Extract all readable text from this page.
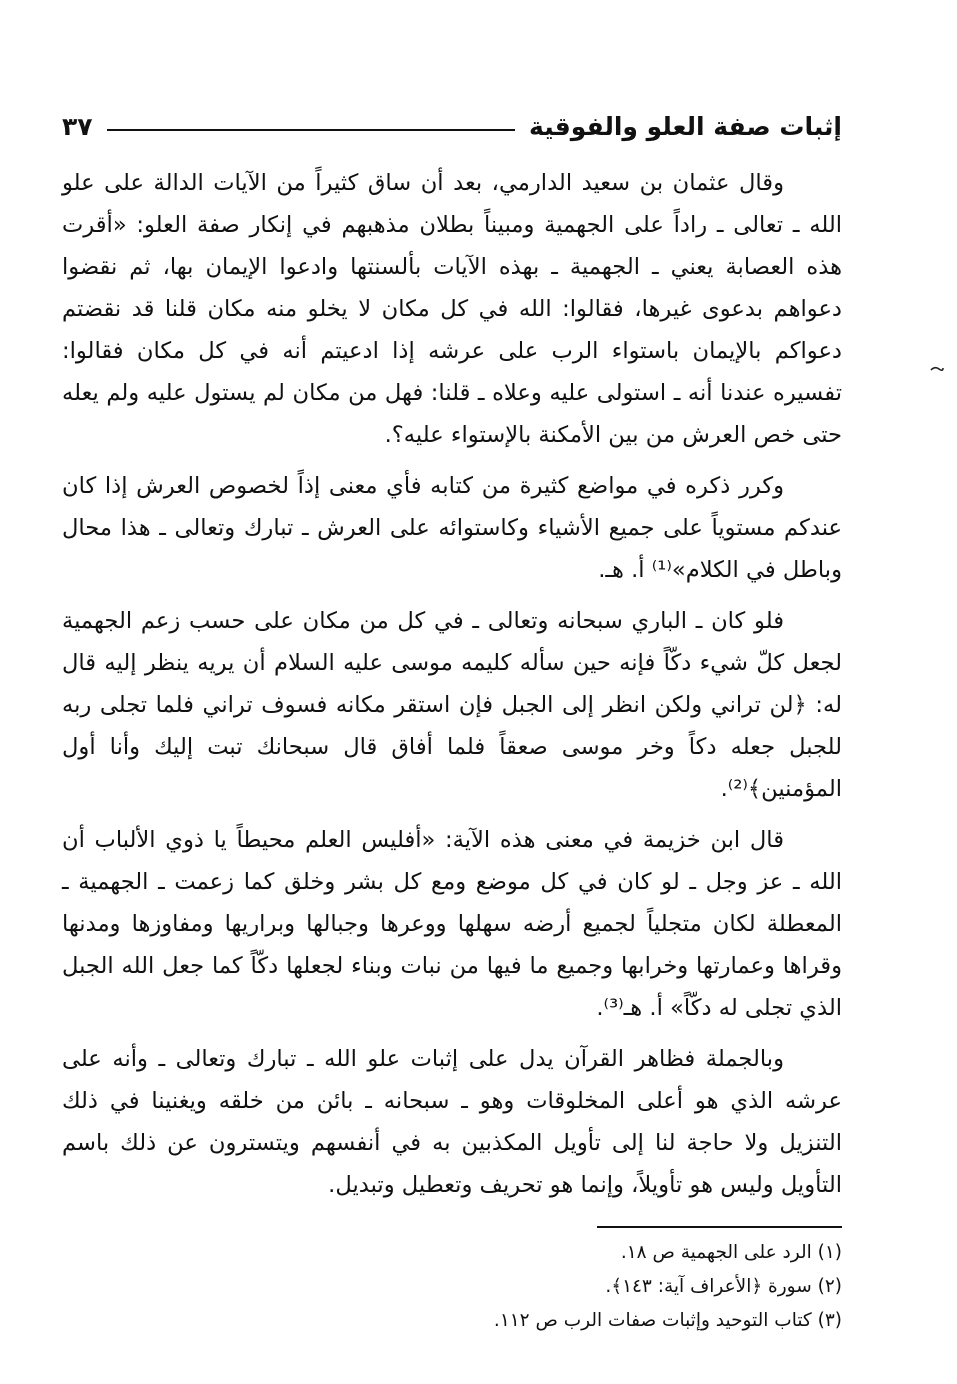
إثبات صفة العلو والفوقية
٣٧

وقال عثمان بن سعيد الدارمي، بعد أن ساق كثيراً من الآيات الدالة على علو الله ـ تعالى ـ راداً على الجهمية ومبيناً بطلان مذهبهم في إنكار صفة العلو: «أقرت هذه العصابة يعني ـ الجهمية ـ بهذه الآيات بألسنتها وادعوا الإيمان بها، ثم نقضوا دعواهم بدعوى غيرها، فقالوا: الله في كل مكان لا يخلو منه مكان قلنا قد نقضتم دعواكم بالإيمان باستواء الرب على عرشه إذا ادعيتم أنه في كل مكان فقالوا: تفسيره عندنا أنه ـ استولى عليه وعلاه ـ قلنا: فهل من مكان لم يستول عليه ولم يعله حتى خص العرش من بين الأمكنة بالإستواء عليه؟.

وكرر ذكره في مواضع كثيرة من كتابه فأي معنى إذاً لخصوص العرش إذا كان عندكم مستوياً على جميع الأشياء وكاستوائه على العرش ـ تبارك وتعالى ـ هذا محال وباطل في الكلام»⁽¹⁾ أ. هـ.

فلو كان ـ الباري سبحانه وتعالى ـ في كل من مكان على حسب زعم الجهمية لجعل كلّ شيء دكّاً فإنه حين سأله كليمه موسى عليه السلام أن يريه ينظر إليه قال له: ﴿لن تراني ولكن انظر إلى الجبل فإن استقر مكانه فسوف تراني فلما تجلى ربه للجبل جعله دكاً وخر موسى صعقاً فلما أفاق قال سبحانك تبت إليك وأنا أول المؤمنين﴾⁽²⁾.

قال ابن خزيمة في معنى هذه الآية: «أفليس العلم محيطاً يا ذوي الألباب أن الله ـ عز وجل ـ لو كان في كل موضع ومع كل بشر وخلق كما زعمت ـ الجهمية ـ المعطلة لكان متجلياً لجميع أرضه سهلها ووعرها وجبالها وبراريها ومفاوزها ومدنها وقراها وعمارتها وخرابها وجميع ما فيها من نبات وبناء لجعلها دكّاً كما جعل الله الجبل الذي تجلى له دكّاً» أ. هـ⁽³⁾.

وبالجملة فظاهر القرآن يدل على إثبات علو الله ـ تبارك وتعالى ـ وأنه على عرشه الذي هو أعلى المخلوقات وهو ـ سبحانه ـ بائن من خلقه ويغنينا في ذلك التنزيل ولا حاجة لنا إلى تأويل المكذبين به في أنفسهم ويتسترون عن ذلك باسم التأويل وليس هو تأويلاً، وإنما هو تحريف وتعطيل وتبديل.

(١) الرد على الجهمية ص ١٨.

(٢) سورة ﴿الأعراف آية: ١٤٣﴾.

(٣) كتاب التوحيد وإثبات صفات الرب ص ١١٢.
